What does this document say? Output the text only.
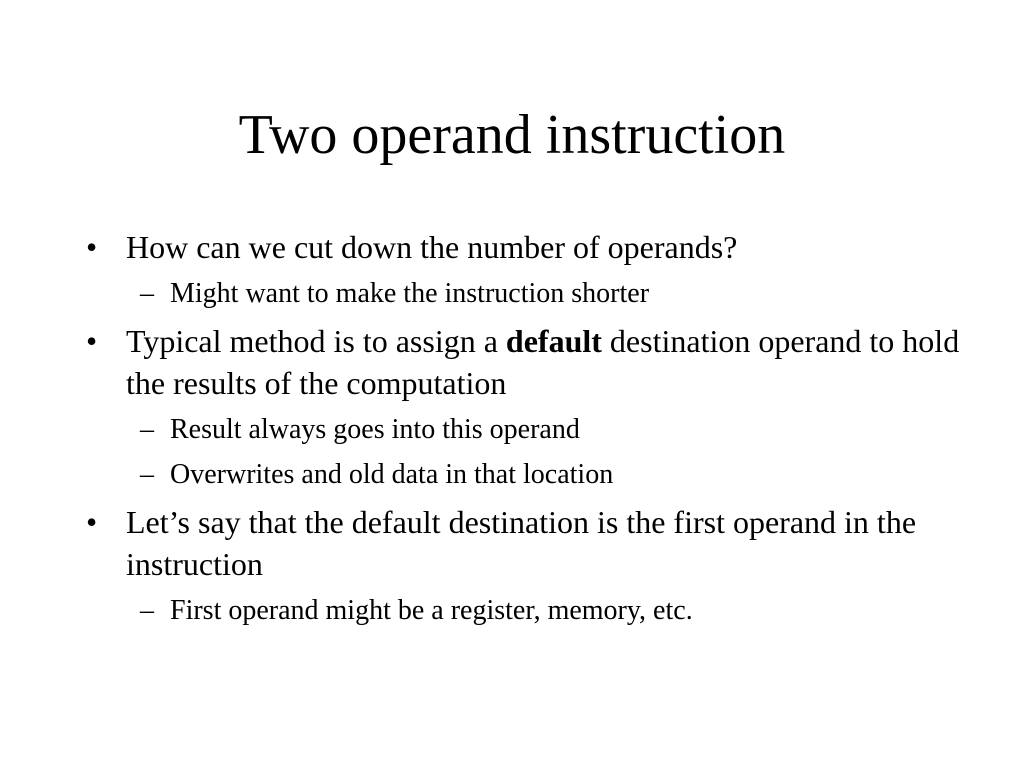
Two operand instruction
• How can we cut down the number of operands?
– Might want to make the instruction shorter
• Typical method is to assign a default destination operand to hold the results of the computation
– Result always goes into this operand
– Overwrites and old data in that location
• Let’s say that the default destination is the first operand in the instruction
– First operand might be a register, memory, etc.
